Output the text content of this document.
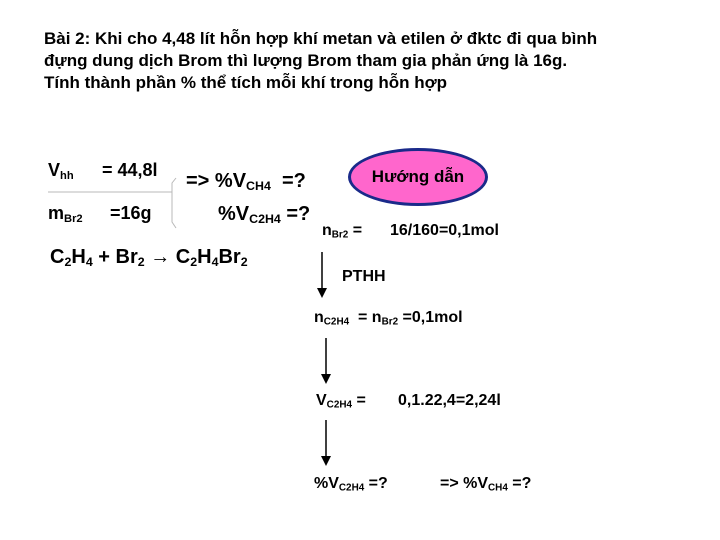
Bài 2: Khi cho 4,48 lít hỗn hợp khí metan và etilen ở đktc đi qua bình
đựng dung dịch Brom thì lượng Brom tham gia phản ứng là 16g.
Tính thành phần % thể tích mỗi khí trong hỗn hợp
$V_{hh} = 44,8l$
$m_{Br2} =16g$
=> $\%V_{CH4}$ =?
$\%V_{C2H4}$ =?
$C_2H_4 + Br_2 \to C_2H_4Br_2$
Hướng dẫn
$n_{Br2} = 16/160=0,1mol$
PTHH
$n_{C2H4} = n_{Br2} =0,1mol$
$V_{C2H4} = 0,1.22,4=2,24l$
$\%V_{C2H4}$ =?	=> $\%V_{CH4}$ =?
